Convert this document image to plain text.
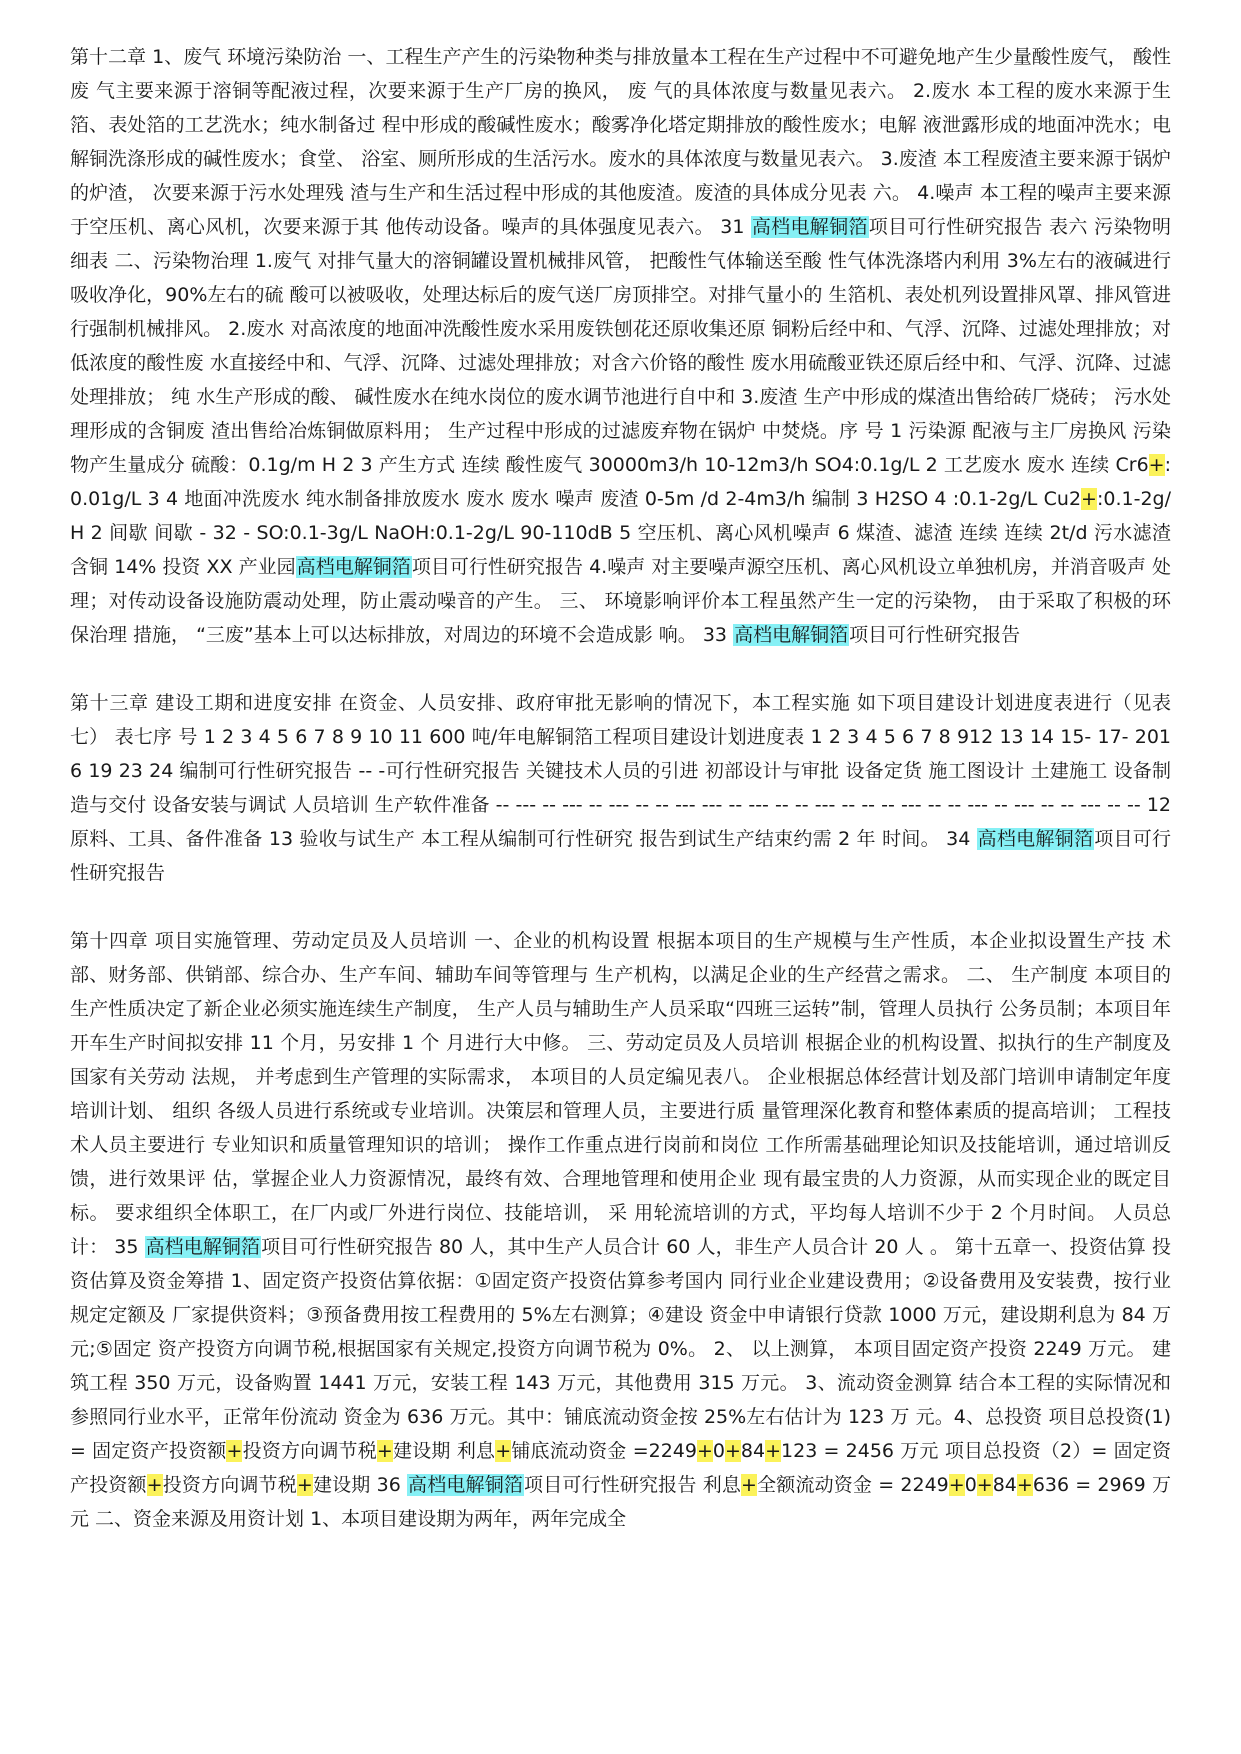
第十二章 1、废气 环境污染防治 一、工程生产产生的污染物种类与排放量本工程在生产过程中不可避免地产生少量酸性废气， 酸性废 气主要来源于溶铜等配液过程，次要来源于生产厂房的换风， 废 气的具体浓度与数量见表六。 2.废水 本工程的废水来源于生箔、表处箔的工艺洗水；纯水制备过 程中形成的酸碱性废水；酸雾净化塔定期排放的酸性废水；电解 液泄露形成的地面冲洗水；电解铜洗涤形成的碱性废水；食堂、 浴室、厕所形成的生活污水。废水的具体浓度与数量见表六。 3.废渣 本工程废渣主要来源于锅炉的炉渣， 次要来源于污水处理残 渣与生产和生活过程中形成的其他废渣。废渣的具体成分见表 六。 4.噪声 本工程的噪声主要来源于空压机、离心风机，次要来源于其 他传动设备。噪声的具体强度见表六。 31 高档电解铜箔项目可行性研究报告 表六 污染物明细表 二、污染物治理 1.废气 对排气量大的溶铜罐设置机械排风管， 把酸性气体输送至酸 性气体洗涤塔内利用 3%左右的液碱进行吸收净化，90%左右的硫 酸可以被吸收，处理达标后的废气送厂房顶排空。对排气量小的 生箔机、表处机列设置排风罩、排风管进行强制机械排风。 2.废水 对高浓度的地面冲洗酸性废水采用废铁刨花还原收集还原 铜粉后经中和、气浮、沉降、过滤处理排放；对低浓度的酸性废 水直接经中和、气浮、沉降、过滤处理排放；对含六价铬的酸性 废水用硫酸亚铁还原后经中和、气浮、沉降、过滤处理排放； 纯 水生产形成的酸、 碱性废水在纯水岗位的废水调节池进行自中和 3.废渣 生产中形成的煤渣出售给砖厂烧砖； 污水处理形成的含铜废 渣出售给冶炼铜做原料用； 生产过程中形成的过滤废弃物在锅炉 中焚烧。序 号 1 污染源 配液与主厂房换风 污染物产生量成分 硫酸：0.1g/m H 2 3 产生方式 连续 酸性废气 30000m3/h 10-12m3/h SO4:0.1g/L 2 工艺废水 废水 连续 Cr6+:0.01g/L 3 4 地面冲洗废水 纯水制备排放废水 废水 废水 噪声 废渣 0-5m /d 2-4m3/h 编制 3 H2SO 4 :0.1-2g/L Cu2+:0.1-2g/ H 2 间歇 间歇 - 32 - SO:0.1-3g/L NaOH:0.1-2g/L 90-110dB 5 空压机、离心风机噪声 6 煤渣、滤渣 连续 连续 2t/d 污水滤渣含铜 14% 投资 XX 产业园高档电解铜箔项目可行性研究报告 4.噪声 对主要噪声源空压机、离心风机设立单独机房，并消音吸声 处理；对传动设备设施防震动处理，防止震动噪音的产生。 三、 环境影响评价本工程虽然产生一定的污染物， 由于采取了积极的环保治理 措施， “三废”基本上可以达标排放，对周边的环境不会造成影 响。 33 高档电解铜箔项目可行性研究报告

第十三章 建设工期和进度安排 在资金、人员安排、政府审批无影响的情况下，本工程实施 如下项目建设计划进度表进行（见表七） 表七序 号 1 2 3 4 5 6 7 8 9 10 11 600 吨/年电解铜箔工程项目建设计划进度表 1 2 3 4 5 6 7 8 912 13 14 15- 17- 2016 19 23 24 编制可行性研究报告 -- -可行性研究报告 关键技术人员的引进 初部设计与审批 设备定货 施工图设计 土建施工 设备制造与交付 设备安装与调试 人员培训 生产软件准备 -- --- -- --- -- --- -- -- --- --- -- --- -- -- --- -- -- -- --- -- -- --- -- --- -- -- --- -- -- 12 原料、工具、备件准备 13 验收与试生产 本工程从编制可行性研究 报告到试生产结束约需 2 年 时间。 34 高档电解铜箔项目可行性研究报告

第十四章 项目实施管理、劳动定员及人员培训 一、企业的机构设置 根据本项目的生产规模与生产性质，本企业拟设置生产技 术部、财务部、供销部、综合办、生产车间、辅助车间等管理与 生产机构，以满足企业的生产经营之需求。 二、 生产制度 本项目的生产性质决定了新企业必须实施连续生产制度， 生产人员与辅助生产人员采取“四班三运转”制，管理人员执行 公务员制；本项目年开车生产时间拟安排 11 个月，另安排 1 个 月进行大中修。 三、劳动定员及人员培训 根据企业的机构设置、拟执行的生产制度及国家有关劳动 法规， 并考虑到生产管理的实际需求， 本项目的人员定编见表八。 企业根据总体经营计划及部门培训申请制定年度培训计划、 组织 各级人员进行系统或专业培训。决策层和管理人员，主要进行质 量管理深化教育和整体素质的提高培训； 工程技术人员主要进行 专业知识和质量管理知识的培训； 操作工作重点进行岗前和岗位 工作所需基础理论知识及技能培训，通过培训反馈，进行效果评 估，掌握企业人力资源情况，最终有效、合理地管理和使用企业 现有最宝贵的人力资源，从而实现企业的既定目标。 要求组织全体职工，在厂内或厂外进行岗位、技能培训， 采 用轮流培训的方式，平均每人培训不少于 2 个月时间。 人员总计： 35 高档电解铜箔项目可行性研究报告 80 人，其中生产人员合计 60 人，非生产人员合计 20 人 。 第十五章一、投资估算 投资估算及资金筹措 1、固定资产投资估算依据：①固定资产投资估算参考国内 同行业企业建设费用；②设备费用及安装费，按行业规定定额及 厂家提供资料；③预备费用按工程费用的 5%左右测算；④建设 资金中申请银行贷款 1000 万元，建设期利息为 84 万元;⑤固定 资产投资方向调节税,根据国家有关规定,投资方向调节税为 0%。 2、 以上测算， 本项目固定资产投资 2249 万元。 建筑工程 350 万元，设备购置 1441 万元，安装工程 143 万元，其他费用 315 万元。 3、流动资金测算 结合本工程的实际情况和参照同行业水平，正常年份流动 资金为 636 万元。其中：铺底流动资金按 25%左右估计为 123 万 元。4、总投资 项目总投资(1)= 固定资产投资额+投资方向调节税+建设期 利息+铺底流动资金 =2249+0+84+123 = 2456 万元 项目总投资（2）= 固定资产投资额+投资方向调节税+建设期 36 高档电解铜箔项目可行性研究报告 利息+全额流动资金 = 2249+0+84+636 = 2969 万元 二、资金来源及用资计划 1、本项目建设期为两年，两年完成全
